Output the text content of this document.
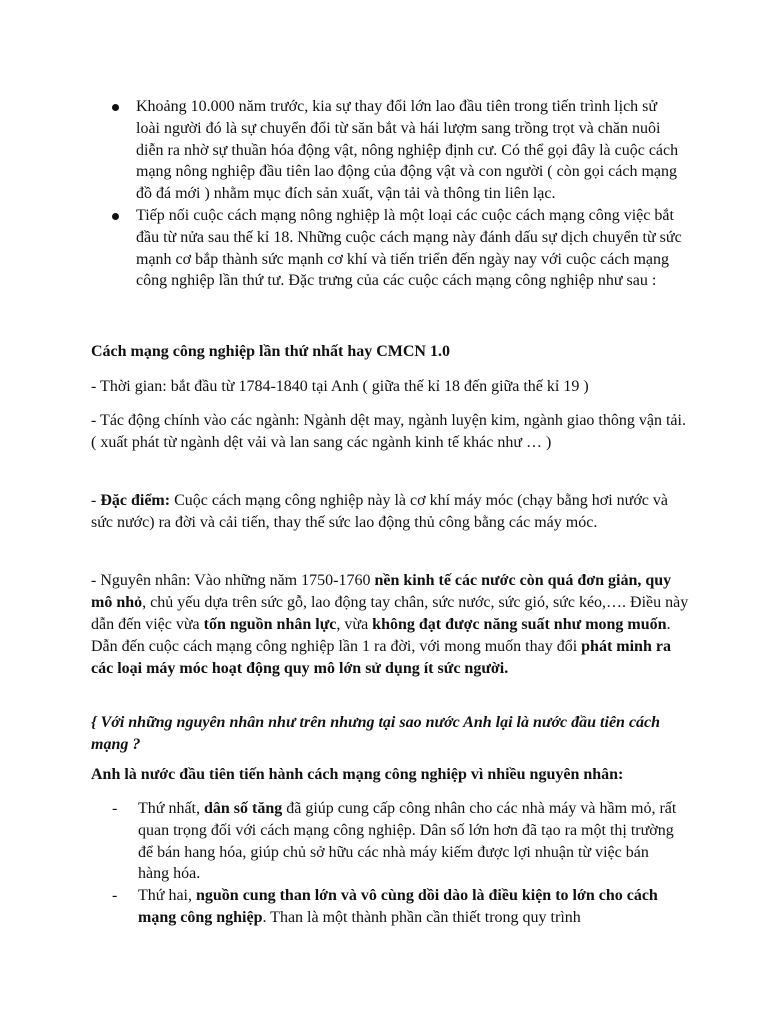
Khoảng 10.000 năm trước, kia sự thay đổi lớn lao đầu tiên trong tiến trình lịch sử loài người đó là sự chuyển đổi từ săn bắt và hái lượm sang trồng trọt và chăn nuôi diễn ra nhờ sự thuần hóa động vật, nông nghiệp định cư. Có thể gọi đây là cuộc cách mạng nông nghiệp đầu tiên lao động của động vật và con người ( còn gọi cách mạng đồ đá mới ) nhằm mục đích sản xuất, vận tải và thông tin liên lạc.
Tiếp nối cuộc cách mạng nông nghiệp là một loại các cuộc cách mạng công việc bắt đầu từ nửa sau thế kỉ 18. Những cuộc cách mạng này đánh dấu sự dịch chuyển từ sức mạnh cơ bắp thành sức mạnh cơ khí và tiến triển đến ngày nay với cuộc cách mạng công nghiệp lần thứ tư. Đặc trưng của các cuộc cách mạng công nghiệp như sau :

Cách mạng công nghiệp lần thứ nhất hay CMCN 1.0

- Thời gian: bắt đầu từ 1784-1840 tại Anh ( giữa thế kỉ 18 đến giữa thế kỉ 19 )

- Tác động chính vào các ngành: Ngành dệt may, ngành luyện kim, ngành giao thông vận tải. ( xuất phát từ ngành dệt vải và lan sang các ngành kinh tế khác như … )

- Đặc điểm: Cuộc cách mạng công nghiệp này là cơ khí máy móc (chạy bằng hơi nước và sức nước) ra đời và cải tiến, thay thế sức lao động thủ công bằng các máy móc.

- Nguyên nhân: Vào những năm 1750-1760 nền kinh tế các nước còn quá đơn giản, quy mô nhỏ, chủ yếu dựa trên sức gỗ, lao động tay chân, sức nước, sức gió, sức kéo,…. Điều này dẫn đến việc vừa tốn nguồn nhân lực, vừa không đạt được năng suất như mong muốn. Dẫn đến cuộc cách mạng công nghiệp lần 1 ra đời, với mong muốn thay đổi phát minh ra các loại máy móc hoạt động quy mô lớn sử dụng ít sức người.

{ Với những nguyên nhân như trên nhưng tại sao nước Anh lại là nước đầu tiên cách mạng ?

Anh là nước đầu tiên tiến hành cách mạng công nghiệp vì nhiều nguyên nhân:

- Thứ nhất, dân số tăng đã giúp cung cấp công nhân cho các nhà máy và hầm mỏ, rất quan trọng đối với cách mạng công nghiệp. Dân số lớn hơn đã tạo ra một thị trường để bán hang hóa, giúp chủ sở hữu các nhà máy kiếm được lợi nhuận từ việc bán hàng hóa.
- Thứ hai, nguồn cung than lớn và vô cùng dồi dào là điều kiện to lớn cho cách mạng công nghiệp. Than là một thành phần cần thiết trong quy trình
